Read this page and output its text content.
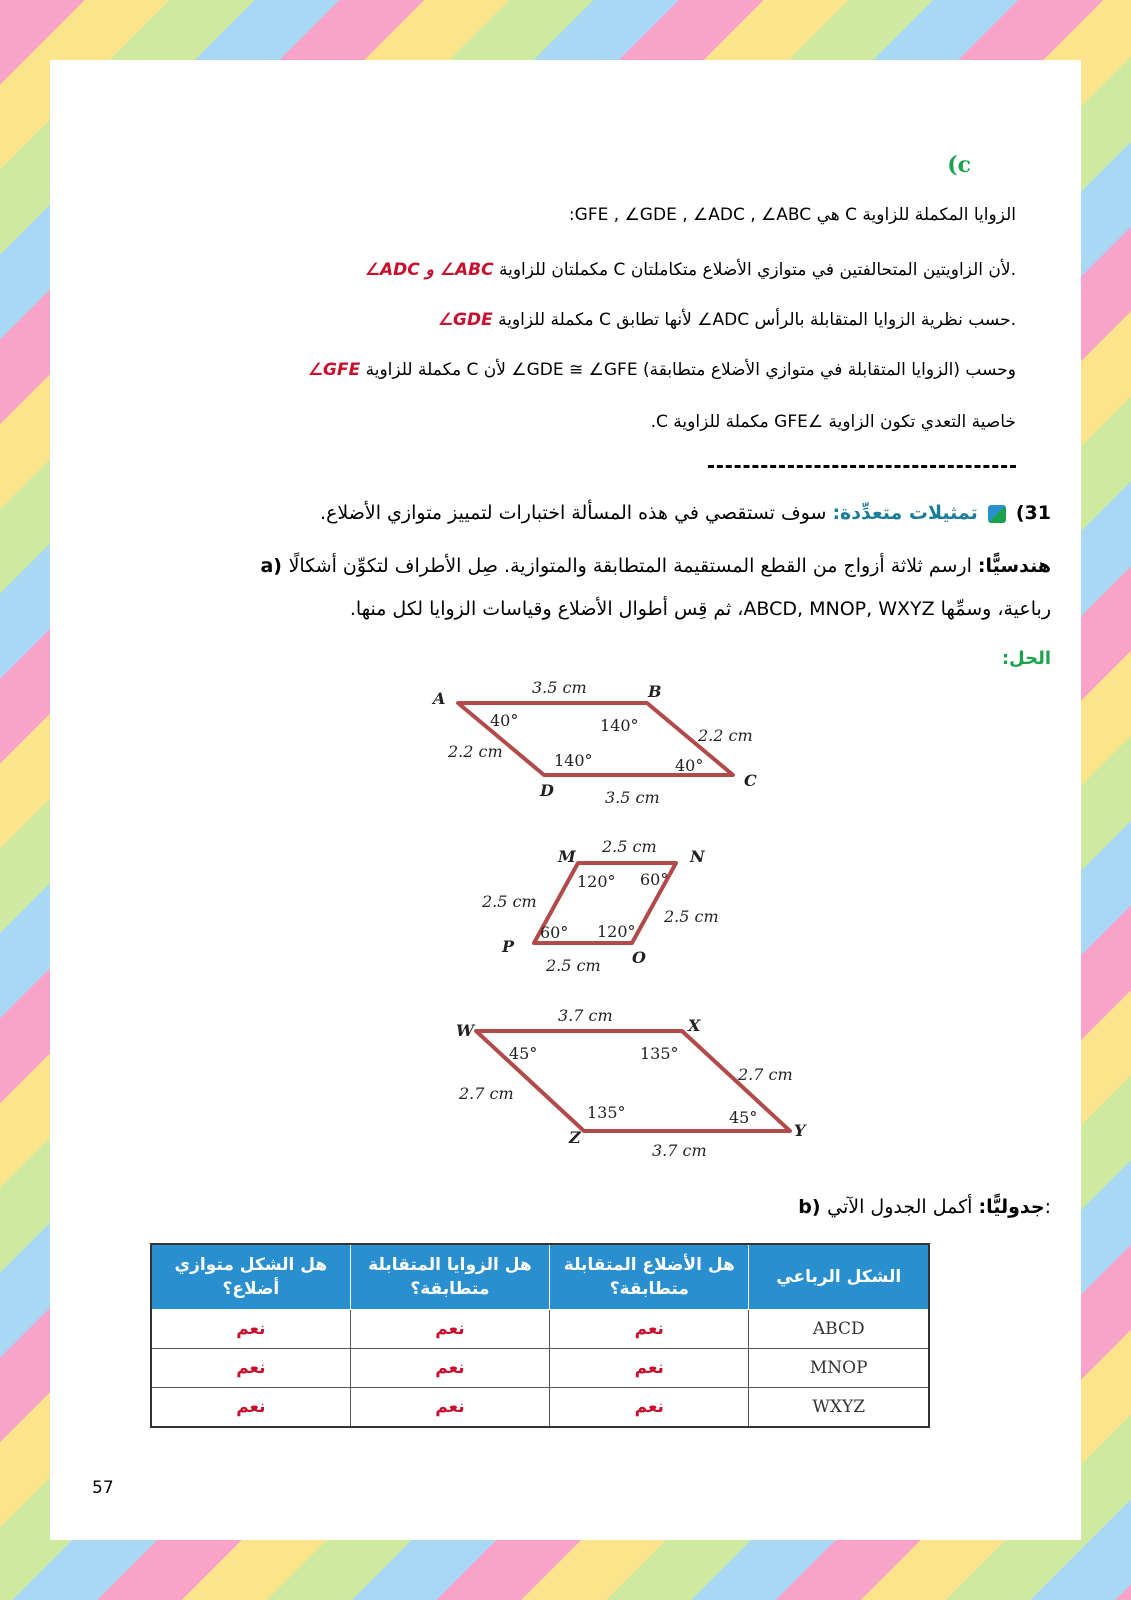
(c
الزوايا المكملة للزاوية C هي GFE , ∠GDE , ∠ADC , ∠ABC:
∠ADC و ∠ABC مكملتان للزاوية C لأن الزاويتين المتحالفتين في متوازي الأضلاع متكاملتان.
∠GDE مكملة للزاوية C لأنها تطابق ∠ADC حسب نظرية الزوايا المتقابلة بالرأس.
∠GFE مكملة للزاوية C لأن ∠GDE ≅ ∠GFE (الزوايا المتقابلة في متوازي الأضلاع متطابقة) وحسب
خاصية التعدي تكون الزاوية ∠GFE مكملة للزاوية C.
31)  تمثيلات متعدِّدة: سوف تستقصي في هذه المسألة اختبارات لتمييز متوازي الأضلاع.
a) هندسيًّا: ارسم ثلاثة أزواج من القطع المستقيمة المتطابقة والمتوازية. صِل الأطراف لتكوِّن أشكالًا
رباعية، وسمِّها ABCD, MNOP, WXYZ، ثم قِس أطوال الأضلاع وقياسات الزوايا لكل منها.
الحل:
A	B
C
D
3.5 cm
3.5 cm
2.2 cm
2.2 cm
40°	140°
140°	40°
M	N
O
P
2.5 cm
2.5 cm
2.5 cm
2.5 cm
120° 60°
60° 120°
W	X
Y
Z
3.7 cm
3.7 cm
2.7 cm
2.7 cm
45°	135°
135°	45°
b) جدوليًّا: أكمل الجدول الآتي:
الشكل الرباعي	هل الأضلاع المتقابلة متطابقة؟	هل الزوايا المتقابلة متطابقة؟	هل الشكل متوازي أضلاع؟
ABCD	نعم	نعم	نعم
MNOP	نعم	نعم	نعم
WXYZ	نعم	نعم	نعم
57
